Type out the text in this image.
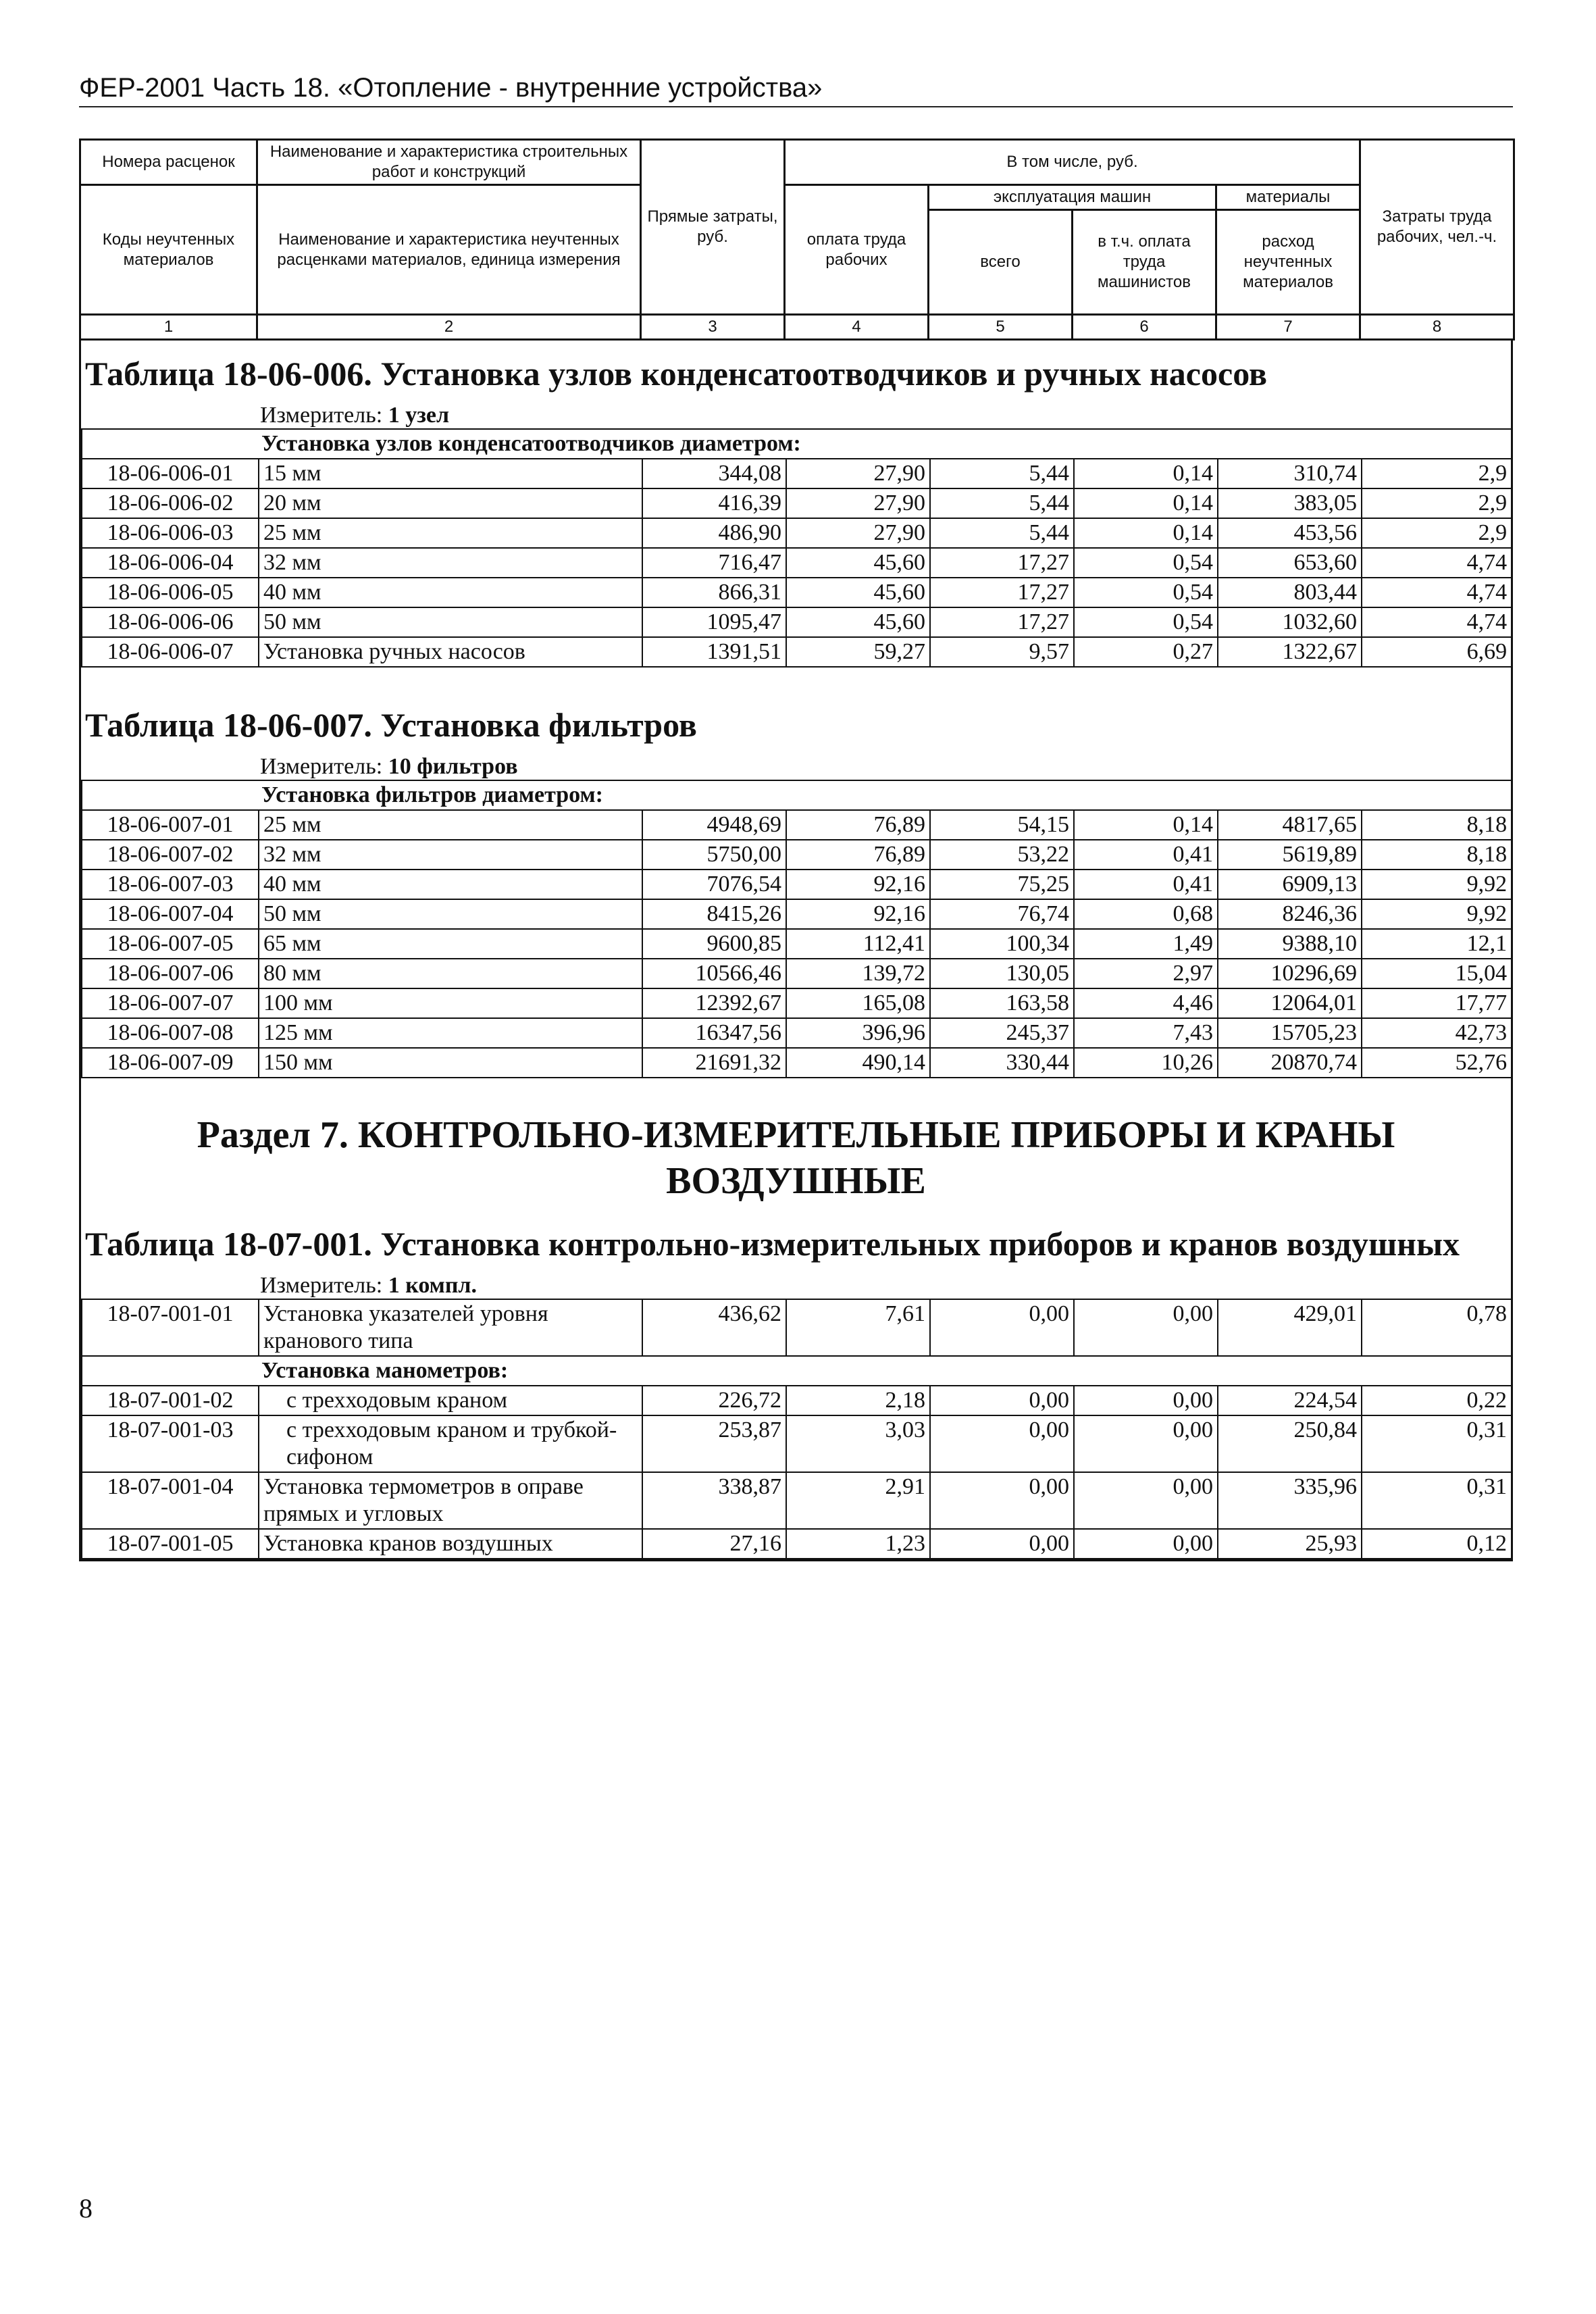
ФЕР-2001 Часть 18. «Отопление - внутренние устройства»
Номера расценок	Наименование и характеристика строительных работ и конструкций	Прямые затраты, руб.	В том числе, руб.				Затраты труда рабочих, чел.-ч.
Коды неучтенных материалов	Наименование и характеристика неучтенных расценками материалов, единица измерения		оплата труда рабочих	эксплуатация машин		материалы	
				всего	в т.ч. оплата труда машинистов	расход неучтенных материалов	
1	2	3	4	5	6	7	8
Таблица 18-06-006. Установка узлов конденсатоотводчиков и ручных насосов
Измеритель: 1 узел
Установка узлов конденсатоотводчиков диаметром:							
18-06-006-01	15 мм	344,08	27,90	5,44	0,14	310,74	2,9
18-06-006-02	20 мм	416,39	27,90	5,44	0,14	383,05	2,9
18-06-006-03	25 мм	486,90	27,90	5,44	0,14	453,56	2,9
18-06-006-04	32 мм	716,47	45,60	17,27	0,54	653,60	4,74
18-06-006-05	40 мм	866,31	45,60	17,27	0,54	803,44	4,74
18-06-006-06	50 мм	1095,47	45,60	17,27	0,54	1032,60	4,74
18-06-006-07	Установка ручных насосов	1391,51	59,27	9,57	0,27	1322,67	6,69
Таблица 18-06-007. Установка фильтров
Измеритель: 10 фильтров
Установка фильтров диаметром:							
18-06-007-01	25 мм	4948,69	76,89	54,15	0,14	4817,65	8,18
18-06-007-02	32 мм	5750,00	76,89	53,22	0,41	5619,89	8,18
18-06-007-03	40 мм	7076,54	92,16	75,25	0,41	6909,13	9,92
18-06-007-04	50 мм	8415,26	92,16	76,74	0,68	8246,36	9,92
18-06-007-05	65 мм	9600,85	112,41	100,34	1,49	9388,10	12,1
18-06-007-06	80 мм	10566,46	139,72	130,05	2,97	10296,69	15,04
18-06-007-07	100 мм	12392,67	165,08	163,58	4,46	12064,01	17,77
18-06-007-08	125 мм	16347,56	396,96	245,37	7,43	15705,23	42,73
18-06-007-09	150 мм	21691,32	490,14	330,44	10,26	20870,74	52,76
Раздел 7. КОНТРОЛЬНО-ИЗМЕРИТЕЛЬНЫЕ ПРИБОРЫ И КРАНЫ
ВОЗДУШНЫЕ
Таблица 18-07-001. Установка контрольно-измерительных приборов и кранов воздушных
Измеритель: 1 компл.
18-07-001-01	Установка указателей уровня кранового типа	436,62	7,61	0,00	0,00	429,01	0,78
Установка манометров:							
18-07-001-02	с трехходовым краном	226,72	2,18	0,00	0,00	224,54	0,22
18-07-001-03	с трехходовым краном и трубкой-сифоном	253,87	3,03	0,00	0,00	250,84	0,31
18-07-001-04	Установка термометров в оправе прямых и угловых	338,87	2,91	0,00	0,00	335,96	0,31
18-07-001-05	Установка кранов воздушных	27,16	1,23	0,00	0,00	25,93	0,12
8
